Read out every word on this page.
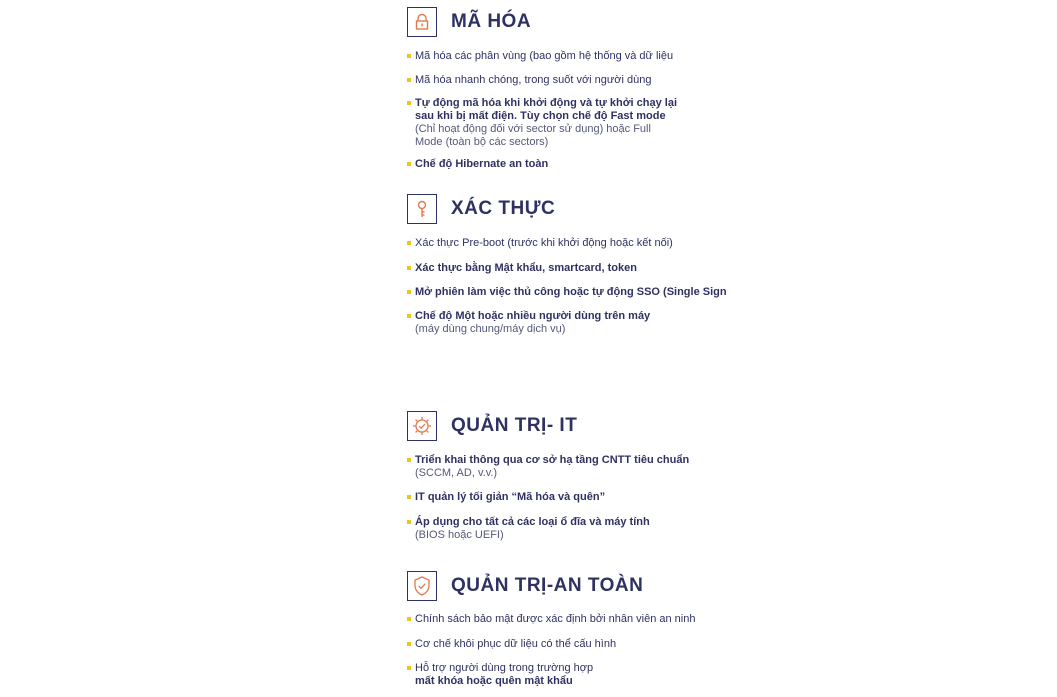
MÃ HÓA
Mã hóa các phân vùng (bao gồm hệ thống và dữ liệu
Mã hóa nhanh chóng, trong suốt với người dùng
Tự động mã hóa khi khởi động và tự khởi chạy lại
sau khi bị mất điện. Tùy chọn chế độ Fast mode
(Chỉ hoạt động đối với sector sử dụng) hoặc Full
Mode (toàn bộ các sectors)
Chế độ Hibernate an toàn
XÁC THỰC
Xác thực Pre-boot (trước khi khởi động hoặc kết nối)
Xác thực bằng Mật khẩu, smartcard, token
Mở phiên làm việc thủ công hoặc tự động SSO (Single Sign
Chế độ Một hoặc nhiều người dùng trên máy
(máy dùng chung/máy dịch vụ)
QUẢN TRỊ- IT
Triển khai thông qua cơ sở hạ tầng CNTT tiêu chuẩn
(SCCM, AD, v.v.)
IT quản lý tối giản “Mã hóa và quên”
Áp dụng cho tất cả các loại ổ đĩa và máy tính
(BIOS hoặc UEFI)
QUẢN TRỊ-AN TOÀN
Chính sách bảo mật được xác định bởi nhân viên an ninh
Cơ chế khôi phục dữ liệu có thể cấu hình
Hỗ trợ người dùng trong trường hợp
mất khóa hoặc quên mật khẩu
